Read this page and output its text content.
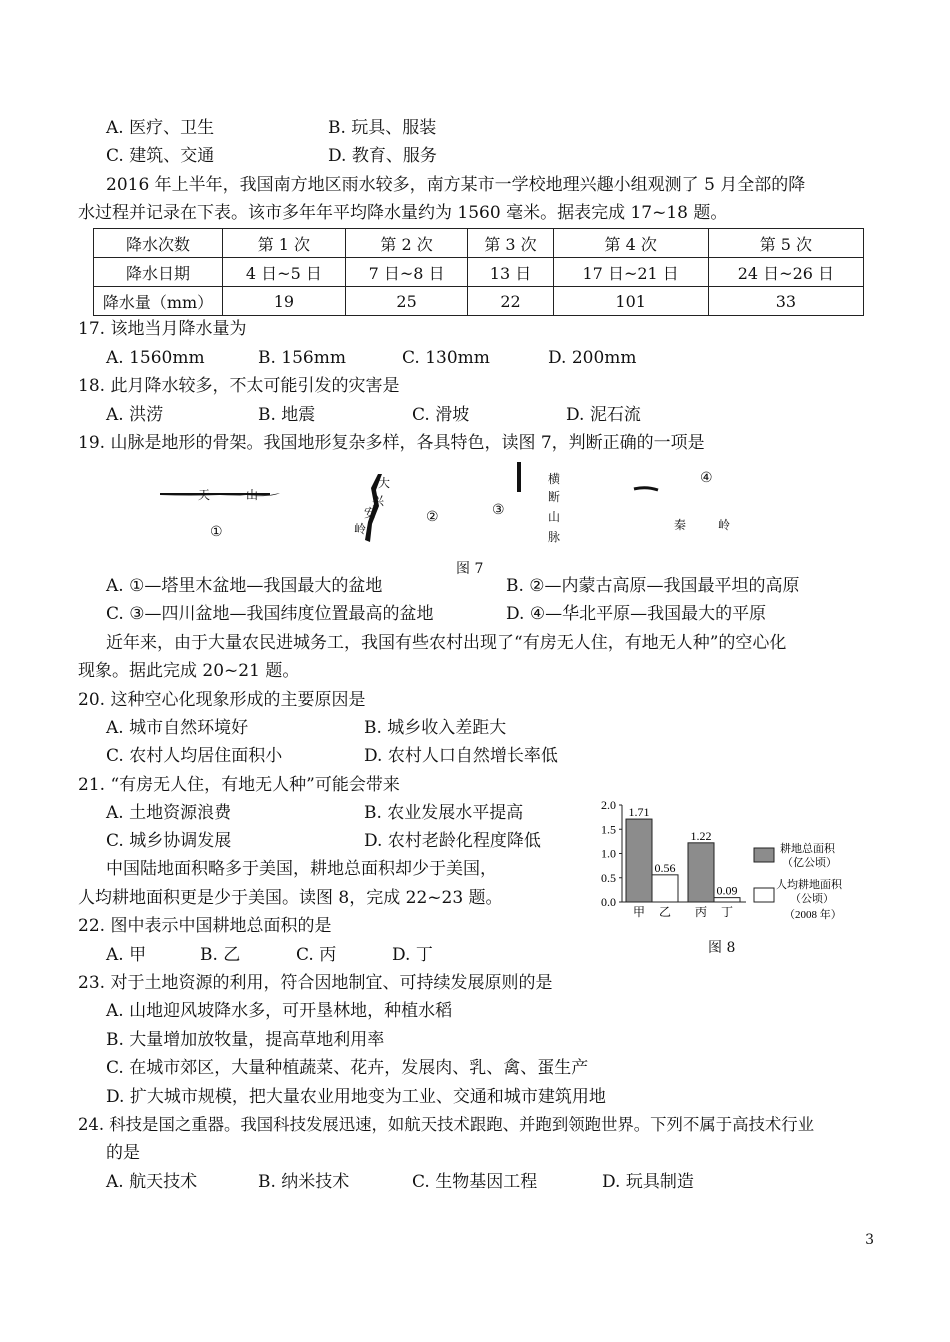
A. 医疗、卫生	B. 玩具、服装
C. 建筑、交通	D. 教育、服务
2016 年上半年，我国南方地区雨水较多，南方某市一学校地理兴趣小组观测了 5 月全部的降
水过程并记录在下表。该市多年年平均降水量约为 1560 毫米。据表完成 17~18 题。
降水次数	第 1 次	第 2 次	第 3 次	第 4 次	第 5 次
降水日期	4 日~5 日	7 日~8 日	13 日	17 日~21 日	24 日~26 日
降水量（mm）	19	25	22	101	33
17. 该地当月降水量为
A. 1560mm	B. 156mm	C. 130mm	D. 200mm
18. 此月降水较多，不太可能引发的灾害是
A. 洪涝	B. 地震	C. 滑坡	D. 泥石流
19. 山脉是地形的骨架。我国地形复杂多样，各具特色，读图 7，判断正确的一项是
天	山
①
大
兴
安
岭
②	③
横
断
山
脉
④
秦	岭
图 7
A. ①—塔里木盆地—我国最大的盆地	B. ②—内蒙古高原—我国最平坦的高原
C. ③—四川盆地—我国纬度位置最高的盆地	D. ④—华北平原—我国最大的平原
近年来，由于大量农民进城务工，我国有些农村出现了“有房无人住，有地无人种”的空心化
现象。据此完成 20~21 题。
20. 这种空心化现象形成的主要原因是
A. 城市自然环境好	B. 城乡收入差距大
C. 农村人均居住面积小	D. 农村人口自然增长率低
21. “有房无人住，有地无人种”可能会带来
A. 土地资源浪费	B. 农业发展水平提高
C. 城乡协调发展	D. 农村老龄化程度降低
中国陆地面积略多于美国，耕地总面积却少于美国，
人均耕地面积更是少于美国。读图 8，完成 22~23 题。	0.0
0.5
1.0
1.5
2.0
1.71
甲
0.56
乙
1.22
丙
0.09
丁
耕地总面积
（亿公顷）
人均耕地面积
（公顷）
（2008 年）
图 8
22. 图中表示中国耕地总面积的是
A. 甲	B. 乙	C. 丙	D. 丁
23. 对于土地资源的利用，符合因地制宜、可持续发展原则的是
A. 山地迎风坡降水多，可开垦林地，种植水稻
B. 大量增加放牧量，提高草地利用率
C. 在城市郊区，大量种植蔬菜、花卉，发展肉、乳、禽、蛋生产
D. 扩大城市规模，把大量农业用地变为工业、交通和城市建筑用地
24. 科技是国之重器。我国科技发展迅速，如航天技术跟跑、并跑到领跑世界。下列不属于高技术行业
的是
A. 航天技术	B. 纳米技术	C. 生物基因工程	D. 玩具制造
3
